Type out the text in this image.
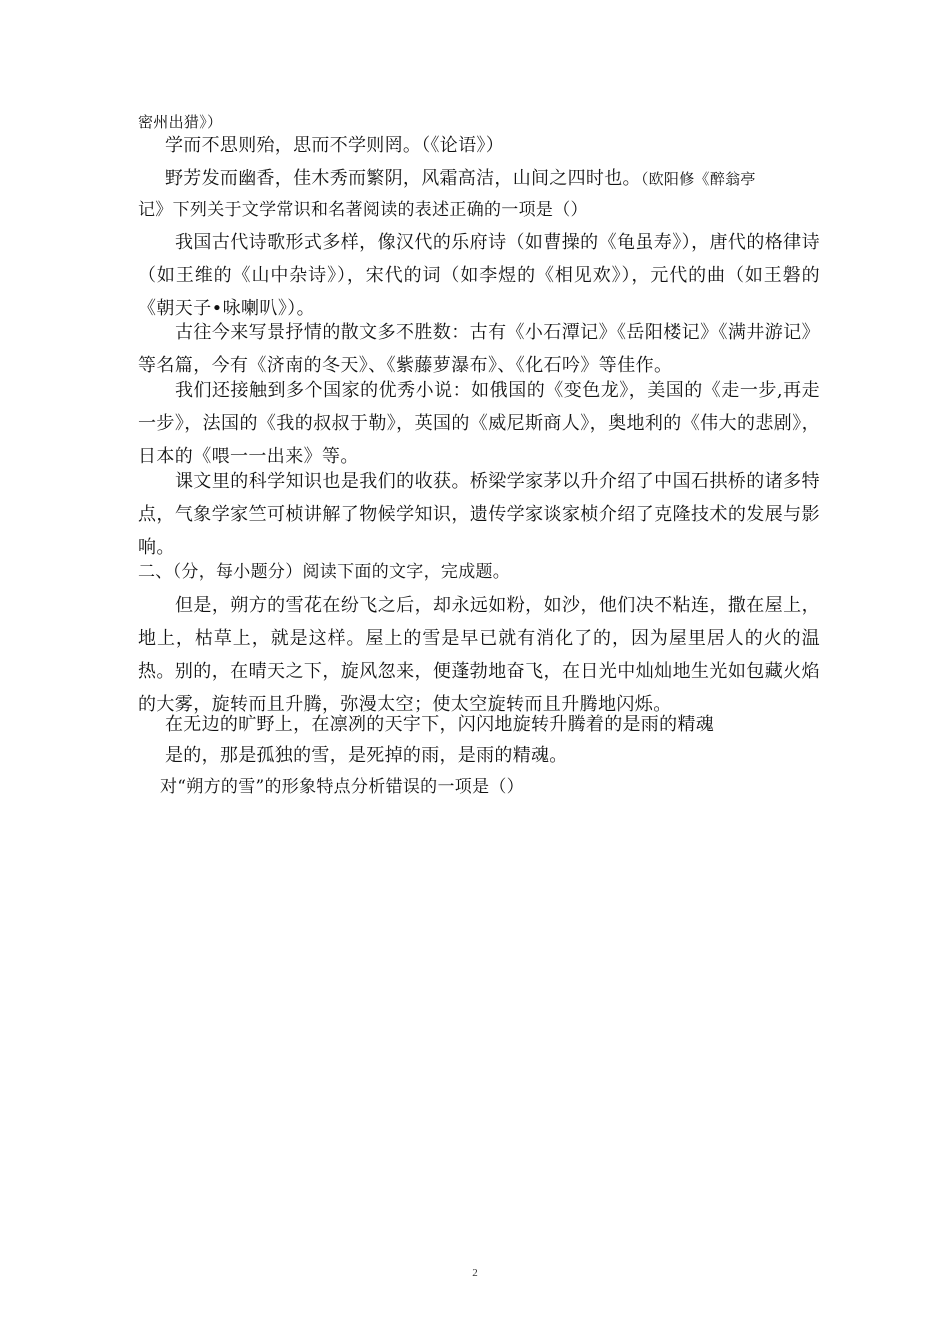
密州出猎》）
学而不思则殆，思而不学则罔。（《论语》）
野芳发而幽香，佳木秀而繁阴，风霜高洁，山间之四时也。（欧阳修《醉翁亭
记》下列关于文学常识和名著阅读的表述正确的一项是（）
我国古代诗歌形式多样，像汉代的乐府诗（如曹操的《龟虽寿》），唐代的格律诗（如王维的《山中杂诗》），宋代的词（如李煜的《相见欢》），元代的曲（如王磐的《朝天子•咏喇叭》）。
古往今来写景抒情的散文多不胜数：古有《小石潭记》《岳阳楼记》《满井游记》等名篇，今有《济南的冬天》、《紫藤萝瀑布》、《化石吟》等佳作。
我们还接触到多个国家的优秀小说：如俄国的《变色龙》，美国的《走一步,再走一步》，法国的《我的叔叔于勒》，英国的《威尼斯商人》，奥地利的《伟大的悲剧》，日本的《喂一一出来》等。
课文里的科学知识也是我们的收获。桥梁学家茅以升介绍了中国石拱桥的诸多特点，气象学家竺可桢讲解了物候学知识，遗传学家谈家桢介绍了克隆技术的发展与影响。
二、（分，每小题分）阅读下面的文字，完成题。
但是，朔方的雪花在纷飞之后，却永远如粉，如沙，他们决不粘连，撒在屋上，地上，枯草上，就是这样。屋上的雪是早已就有消化了的，因为屋里居人的火的温热。别的，在晴天之下，旋风忽来，便蓬勃地奋飞，在日光中灿灿地生光如包藏火焰的大雾，旋转而且升腾，弥漫太空；使太空旋转而且升腾地闪烁。
在无边的旷野上，在凛冽的天宇下，闪闪地旋转升腾着的是雨的精魂
是的，那是孤独的雪，是死掉的雨，是雨的精魂。
对“朔方的雪”的形象特点分析错误的一项是（）
2
